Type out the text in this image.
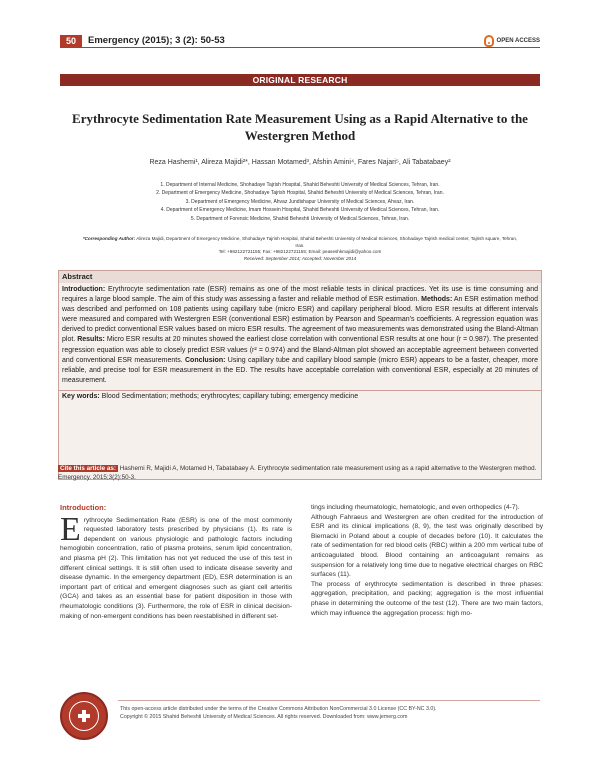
50	Emergency (2015); 3 (2): 50-53	OPEN ACCESS
ORIGINAL RESEARCH
Erythrocyte Sedimentation Rate Measurement Using as a Rapid Alternative to the Westergren Method
Reza Hashemi¹, Alireza Majidi²*, Hassan Motamed³, Afshin Amini⁴, Fares Najari⁵, Ali Tabatabaey²
1. Department of Internal Medicine, Shohadaye Tajrish Hospital, Shahid Beheshti University of Medical Sciences, Tehran, Iran.
2. Department of Emergency Medicine, Shohadaye Tajrish Hospital, Shahid Beheshti University of Medical Sciences, Tehran, Iran.
3. Department of Emergency Medicine, Ahvaz Jundishapur University of Medical Sciences, Ahvaz, Iran.
4. Department of Emergency Medicine, Imam Hossein Hospital, Shahid Beheshti University of Medical Sciences, Tehran, Iran.
5. Department of Forensic Medicine, Shahid Beheshti University of Medical Sciences, Tehran, Iran.
*Corresponding Author: Alireza Majidi, Department of Emergency Medicine, Shohadaye Tajrish Hospital, Shahid Beheshti University of Medical Sciences, Shohadaye Tajrish medical center, Tajrish square, Tehran, Iran.
Tel: +982122721155; Fax: +982122721155; Email: peaseshkmajidi@yahoo.com
Received: September 2014; Accepted: November 2014
Abstract
Introduction: Erythrocyte sedimentation rate (ESR) remains as one of the most reliable tests in clinical practices. Yet its use is time consuming and requires a large blood sample. The aim of this study was assessing a faster and reliable method of ESR estimation. Methods: An ESR estimation method was described and performed on 108 patients using capillary tube (micro ESR) and capillary peripheral blood. Micro ESR results at different intervals were measured and compared with Westergren ESR (conventional ESR) estimation by Pearson and Spearman's coefficients. A regression equation was derived to predict conventional ESR values based on micro ESR results. The agreement of two measurements was demonstrated using the Bland-Altman plot. Results: Micro ESR results at 20 minutes showed the earliest close correlation with conventional ESR results at one hour (r = 0.987). The presented regression equation was able to closely predict ESR values (r² = 0.974) and the Bland-Altman plot showed an acceptable agreement between converted and conventional ESR measurements. Conclusion: Using capillary tube and capillary blood sample (micro ESR) appears to be a faster, cheaper, more reliable, and precise tool for ESR measurement in the ED. The results have acceptable correlation with conventional ESR, especially at 20 minutes of measurement.
Key words: Blood Sedimentation; methods; erythrocytes; capillary tubing; emergency medicine
Cite this article as: Hashemi R, Majidi A, Motamed H, Tabatabaey A. Erythrocyte sedimentation rate measurement using as a rapid alternative to the Westergren method. Emergency. 2015;3(2):50-3.
Introduction:

Erythrocyte Sedimentation Rate (ESR) is one of the most commonly requested laboratory tests prescribed by physicians (1). Its rate is dependent on various physiologic and pathologic factors including hemoglobin concentration, ratio of plasma proteins, serum lipid concentration, and plasma pH (2). This limitation has not yet reduced the use of this test in different clinical settings. It is still often used to indicate disease severity and disease dynamic. In the emergency department (ED), ESR determination is an important part of critical and emergent diagnoses such as giant cell arteritis (GCA) and takes as an essential base for patient disposition in those with rheumatologic conditions (3). Furthermore, the role of ESR in clinical decision-making of non-emergent conditions has been reestablished in different set-

tings including rheumatologic, hematologic, and even orthopedics (4-7).

Although Fahraeus and Westergren are often credited for the introduction of ESR and its clinical implications (8, 9), the test was originally described by Biernacki in Poland about a couple of decades before (10). It calculates the rate of sedimentation for red blood cells (RBC) within a 200 mm vertical tube of anticoagulated blood. Blood containing an anticoagulant remains as suspension for a relatively long time due to negative electrical charges on RBC surfaces (11).

The process of erythrocyte sedimentation is described in three phases: aggregation, precipitation, and packing; aggregation is the most influential phase in determining the outcome of the test (12). There are two main factors, which may influence the aggregation process: high mo-

This open-access article distributed under the terms of the Creative Commons Attribution NonCommercial 3.0 License (CC BY-NC 3.0).
Copyright © 2015 Shahid Beheshti University of Medical Sciences. All rights reserved. Downloaded from: www.jemerg.com
